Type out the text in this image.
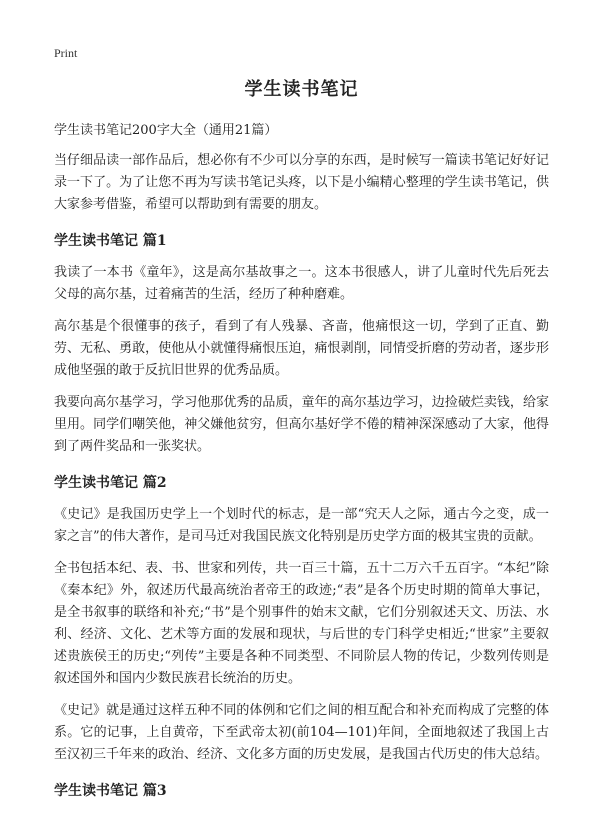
Print
学生读书笔记

学生读书笔记200字大全（通用21篇）

当仔细品读一部作品后，想必你有不少可以分享的东西，是时候写一篇读书笔记好好记录一下了。为了让您不再为写读书笔记头疼，以下是小编精心整理的学生读书笔记，供大家参考借鉴，希望可以帮助到有需要的朋友。

学生读书笔记 篇1

我读了一本书《童年》，这是高尔基故事之一。这本书很感人，讲了儿童时代先后死去父母的高尔基，过着痛苦的生活，经历了种种磨难。

高尔基是个很懂事的孩子，看到了有人残暴、吝啬，他痛恨这一切，学到了正直、勤劳、无私、勇敢，使他从小就懂得痛恨压迫，痛恨剥削，同情受折磨的劳动者，逐步形成他坚强的敢于反抗旧世界的优秀品质。

我要向高尔基学习，学习他那优秀的品质，童年的高尔基边学习，边捡破烂卖钱，给家里用。同学们嘲笑他，神父嫌他贫穷，但高尔基好学不倦的精神深深感动了大家，他得到了两件奖品和一张奖状。

学生读书笔记 篇2

《史记》是我国历史学上一个划时代的标志，是一部“究天人之际，通古今之变，成一家之言”的伟大著作，是司马迁对我国民族文化特别是历史学方面的极其宝贵的贡献。

全书包括本纪、表、书、世家和列传，共一百三十篇，五十二万六千五百字。“本纪”除《秦本纪》外，叙述历代最高统治者帝王的政迹;“表”是各个历史时期的简单大事记，是全书叙事的联络和补充;“书”是个别事件的始末文献，它们分别叙述天文、历法、水利、经济、文化、艺术等方面的发展和现状，与后世的专门科学史相近;“世家”主要叙述贵族侯王的历史;“列传”主要是各种不同类型、不同阶层人物的传记，少数列传则是叙述国外和国内少数民族君长统治的历史。

《史记》就是通过这样五种不同的体例和它们之间的相互配合和补充而构成了完整的体系。它的记事，上自黄帝，下至武帝太初(前104—101)年间，全面地叙述了我国上古至汉初三千年来的政治、经济、文化多方面的历史发展，是我国古代历史的伟大总结。

学生读书笔记 篇3
